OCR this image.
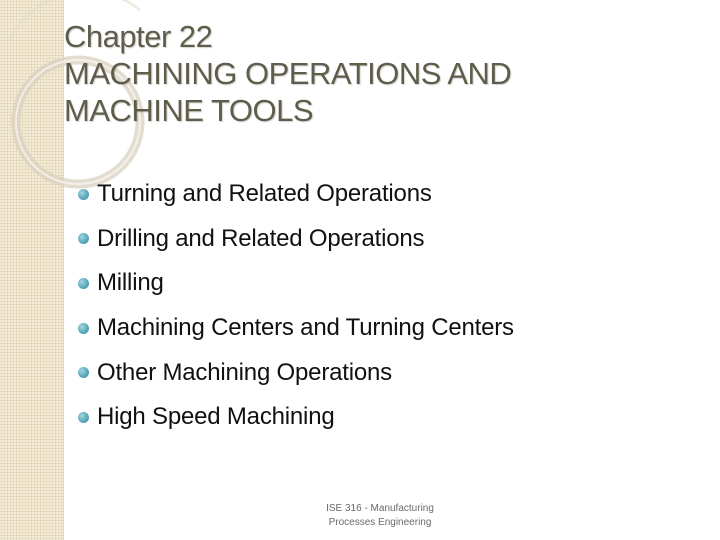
Chapter 22
MACHINING OPERATIONS AND
MACHINE TOOLS
Turning and Related Operations
Drilling and Related Operations
Milling
Machining Centers and Turning Centers
Other Machining Operations
High Speed Machining
ISE 316 - Manufacturing
Processes Engineering
